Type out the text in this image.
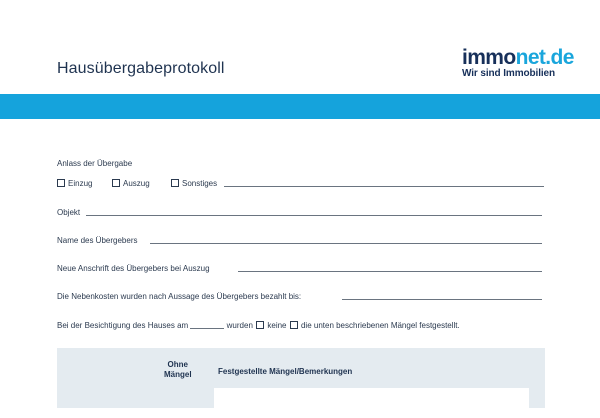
Hausübergabeprotokoll	immonet.de
Wir sind Immobilien
Anlass der Übergabe
Einzug	Auszug	Sonstiges
Objekt
Name des Übergebers
Neue Anschrift des Übergebers bei Auszug
Die Nebenkosten wurden nach Aussage des Übergebers bezahlt bis:
Bei der Besichtigung des Hauses am	wurden keine die unten beschriebenen Mängel festgestellt.
Ohne
Mängel	Festgestellte Mängel/Bemerkungen
